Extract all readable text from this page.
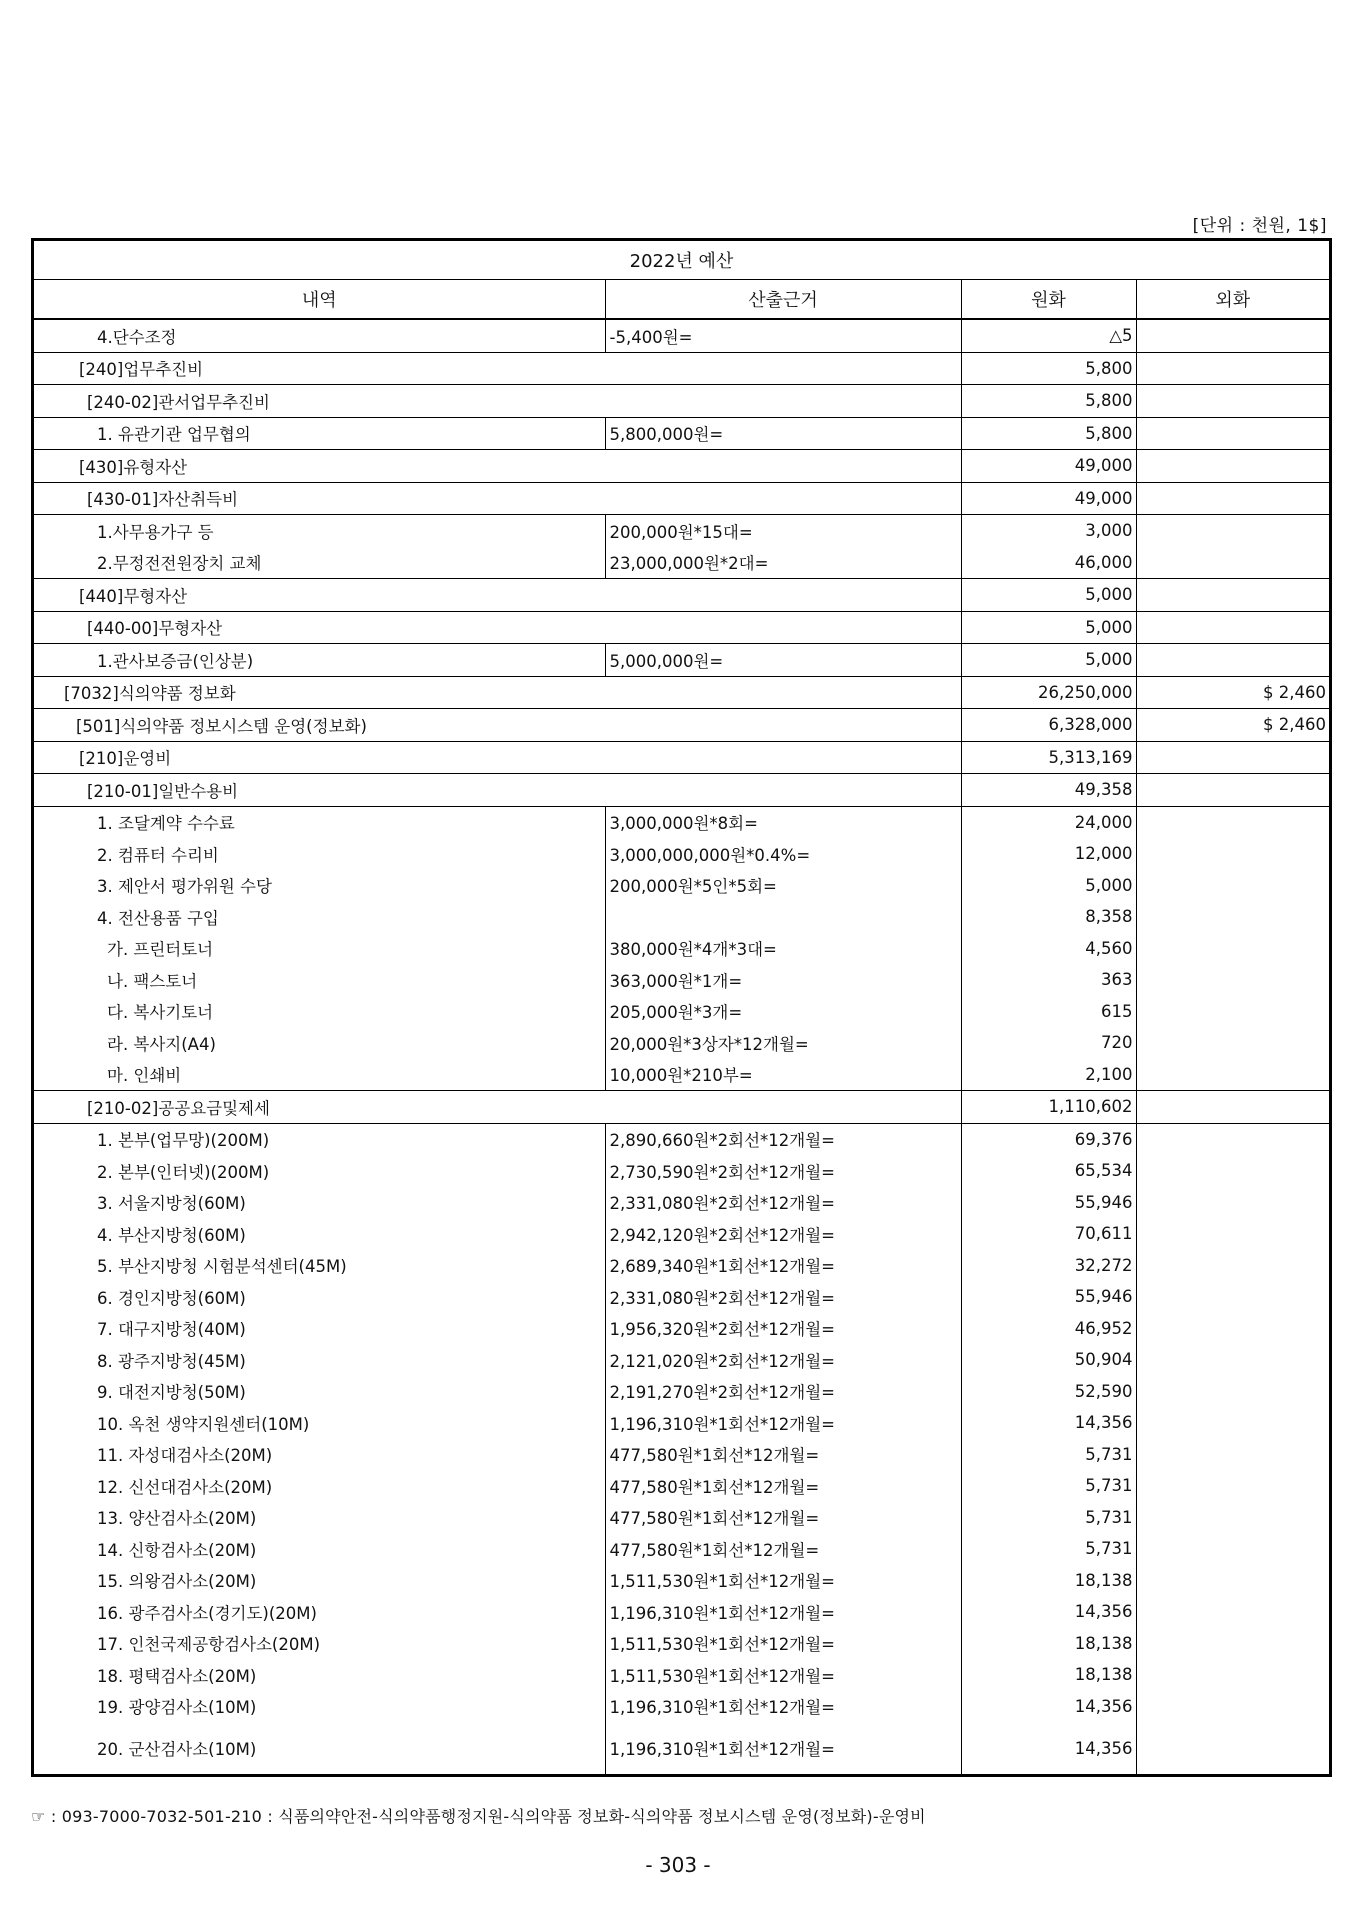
[단위 : 천원, 1$]
2022년 예산			
내역	산출근거	원화	외화
4.단수조정	-5,400원=	△5	
[240]업무추진비		5,800	
[240-02]관서업무추진비		5,800	
1. 유관기관 업무협의	5,800,000원=	5,800	
[430]유형자산		49,000	
[430-01]자산취득비		49,000	
1.사무용가구 등	200,000원*15대=	3,000	
2.무정전전원장치 교체	23,000,000원*2대=	46,000	
[440]무형자산		5,000	
[440-00]무형자산		5,000	
1.관사보증금(인상분)	5,000,000원=	5,000	
[7032]식의약품 정보화		26,250,000	$ 2,460
[501]식의약품 정보시스템 운영(정보화)		6,328,000	$ 2,460
[210]운영비		5,313,169	
[210-01]일반수용비		49,358	
1. 조달계약 수수료	3,000,000원*8회=	24,000	
2. 컴퓨터 수리비	3,000,000,000원*0.4%=	12,000	
3. 제안서 평가위원 수당	200,000원*5인*5회=	5,000	
4. 전산용품 구입		8,358	
가. 프린터토너	380,000원*4개*3대=	4,560	
나. 팩스토너	363,000원*1개=	363	
다. 복사기토너	205,000원*3개=	615	
라. 복사지(A4)	20,000원*3상자*12개월=	720	
마. 인쇄비	10,000원*210부=	2,100	
[210-02]공공요금및제세		1,110,602	
1. 본부(업무망)(200M)	2,890,660원*2회선*12개월=	69,376	
2. 본부(인터넷)(200M)	2,730,590원*2회선*12개월=	65,534	
3. 서울지방청(60M)	2,331,080원*2회선*12개월=	55,946	
4. 부산지방청(60M)	2,942,120원*2회선*12개월=	70,611	
5. 부산지방청 시험분석센터(45M)	2,689,340원*1회선*12개월=	32,272	
6. 경인지방청(60M)	2,331,080원*2회선*12개월=	55,946	
7. 대구지방청(40M)	1,956,320원*2회선*12개월=	46,952	
8. 광주지방청(45M)	2,121,020원*2회선*12개월=	50,904	
9. 대전지방청(50M)	2,191,270원*2회선*12개월=	52,590	
10. 옥천 생약지원센터(10M)	1,196,310원*1회선*12개월=	14,356	
11. 자성대검사소(20M)	477,580원*1회선*12개월=	5,731	
12. 신선대검사소(20M)	477,580원*1회선*12개월=	5,731	
13. 양산검사소(20M)	477,580원*1회선*12개월=	5,731	
14. 신항검사소(20M)	477,580원*1회선*12개월=	5,731	
15. 의왕검사소(20M)	1,511,530원*1회선*12개월=	18,138	
16. 광주검사소(경기도)(20M)	1,196,310원*1회선*12개월=	14,356	
17. 인천국제공항검사소(20M)	1,511,530원*1회선*12개월=	18,138	
18. 평택검사소(20M)	1,511,530원*1회선*12개월=	18,138	
19. 광양검사소(10M)	1,196,310원*1회선*12개월=	14,356	
20. 군산검사소(10M)	1,196,310원*1회선*12개월=	14,356	
☞ : 093-7000-7032-501-210 : 식품의약안전-식의약품행정지원-식의약품 정보화-식의약품 정보시스템 운영(정보화)-운영비
- 303 -
